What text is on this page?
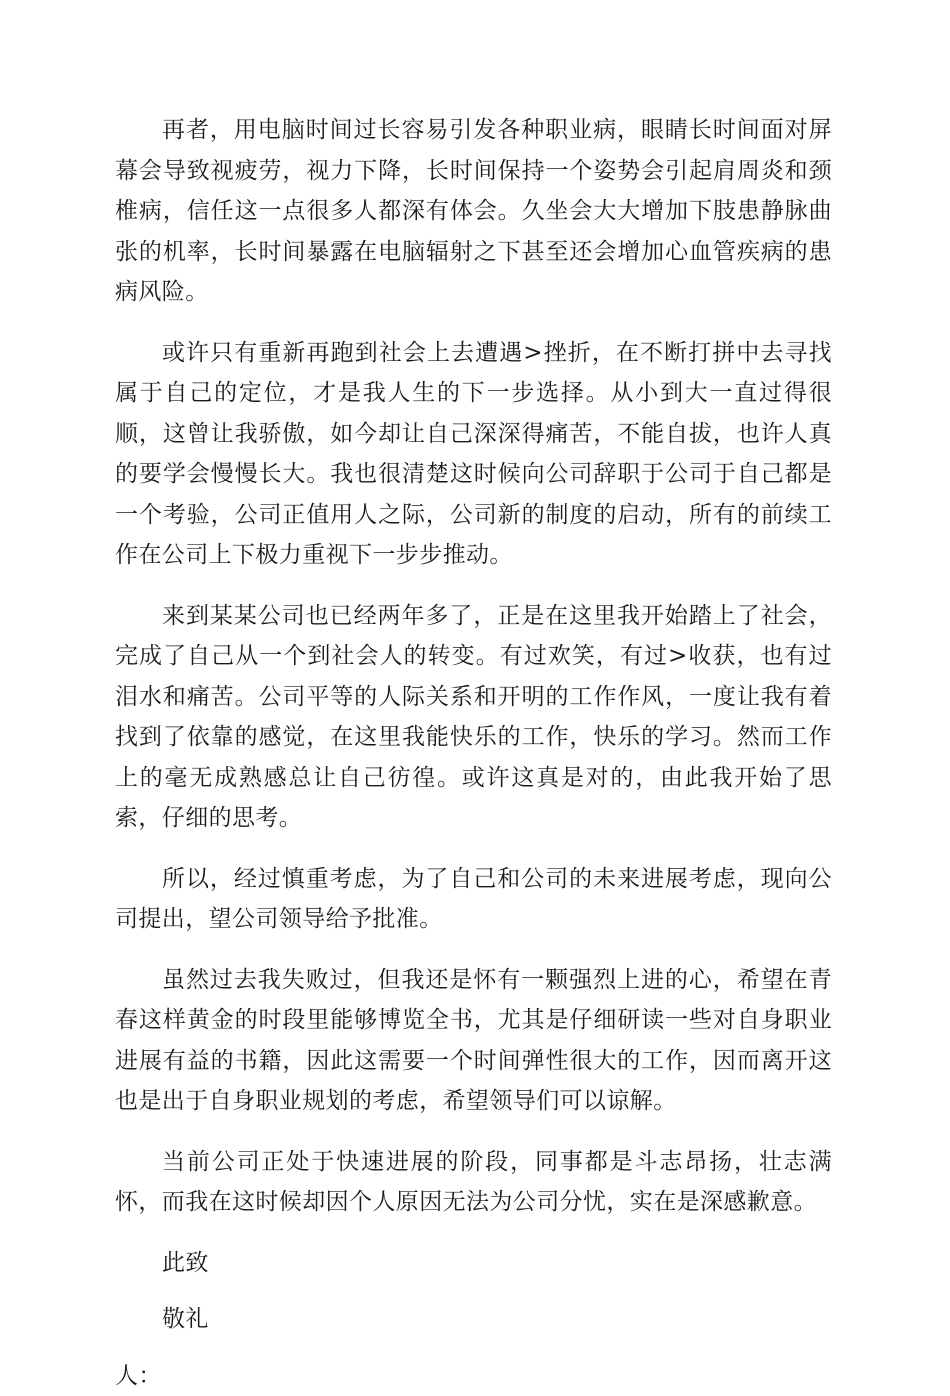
再者，用电脑时间过长容易引发各种职业病，眼睛长时间面对屏幕会导致视疲劳，视力下降，长时间保持一个姿势会引起肩周炎和颈椎病，信任这一点很多人都深有体会。久坐会大大增加下肢患静脉曲张的机率，长时间暴露在电脑辐射之下甚至还会增加心血管疾病的患病风险。

或许只有重新再跑到社会上去遭遇>挫折，在不断打拼中去寻找属于自己的定位，才是我人生的下一步选择。从小到大一直过得很顺，这曾让我骄傲，如今却让自己深深得痛苦，不能自拔，也许人真的要学会慢慢长大。我也很清楚这时候向公司辞职于公司于自己都是一个考验，公司正值用人之际，公司新的制度的启动，所有的前续工作在公司上下极力重视下一步步推动。

来到某某公司也已经两年多了，正是在这里我开始踏上了社会，完成了自己从一个到社会人的转变。有过欢笑，有过>收获，也有过泪水和痛苦。公司平等的人际关系和开明的工作作风，一度让我有着找到了依靠的感觉，在这里我能快乐的工作，快乐的学习。然而工作上的毫无成熟感总让自己彷徨。或许这真是对的，由此我开始了思索，仔细的思考。

所以，经过慎重考虑，为了自己和公司的未来进展考虑，现向公司提出，望公司领导给予批准。

虽然过去我失败过，但我还是怀有一颗强烈上进的心，希望在青春这样黄金的时段里能够博览全书，尤其是仔细研读一些对自身职业进展有益的书籍，因此这需要一个时间弹性很大的工作，因而离开这也是出于自身职业规划的考虑，希望领导们可以谅解。

当前公司正处于快速进展的阶段，同事都是斗志昂扬，壮志满怀，而我在这时候却因个人原因无法为公司分忧，实在是深感歉意。

此致

敬礼

人：
